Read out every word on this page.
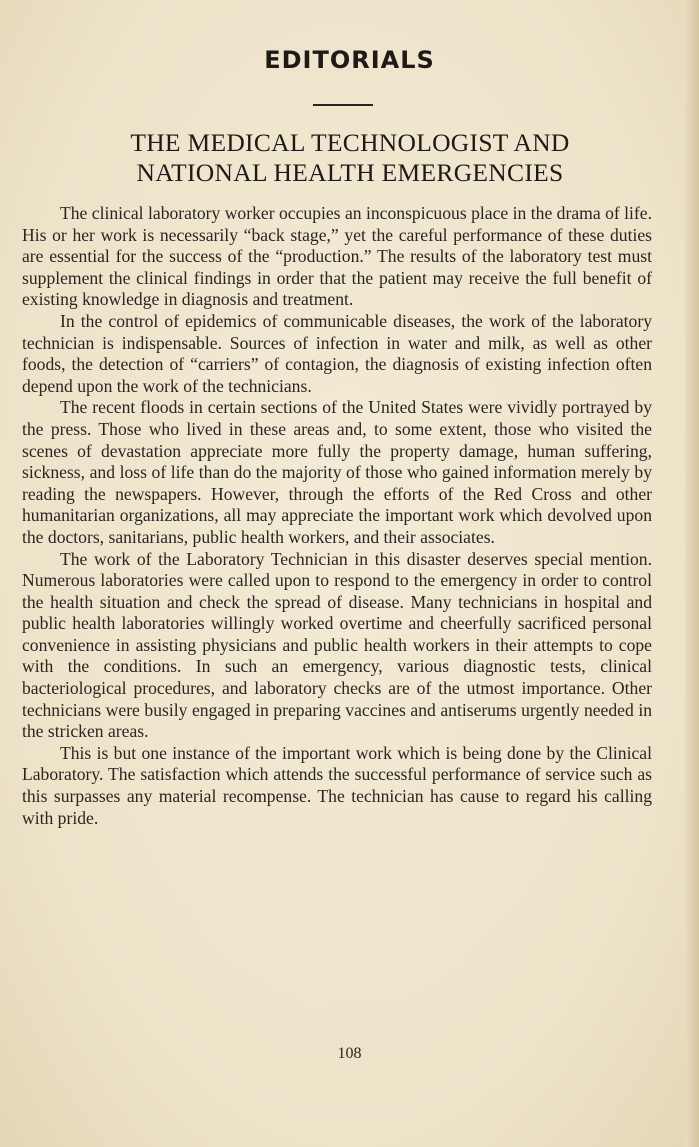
EDITORIALS
THE MEDICAL TECHNOLOGIST AND
NATIONAL HEALTH EMERGENCIES

The clinical laboratory worker occupies an inconspicuous place in the drama of life. His or her work is necessarily “back stage,” yet the careful performance of these duties are essential for the success of the “production.” The results of the laboratory test must supplement the clinical findings in order that the patient may receive the full benefit of existing knowledge in diagnosis and treatment.

In the control of epidemics of communicable diseases, the work of the laboratory technician is indispensable. Sources of infection in water and milk, as well as other foods, the detection of “carriers” of contagion, the diagnosis of existing infection often depend upon the work of the technicians.

The recent floods in certain sections of the United States were vividly portrayed by the press. Those who lived in these areas and, to some extent, those who visited the scenes of devastation appreciate more fully the property damage, human suffering, sickness, and loss of life than do the majority of those who gained information merely by reading the newspapers. However, through the efforts of the Red Cross and other humanitarian organizations, all may appreciate the important work which devolved upon the doctors, sanitarians, public health workers, and their associates.

The work of the Laboratory Technician in this disaster deserves special mention. Numerous laboratories were called upon to respond to the emergency in order to control the health situation and check the spread of disease. Many technicians in hospital and public health laboratories willingly worked overtime and cheerfully sacrificed personal convenience in assisting physicians and public health workers in their attempts to cope with the conditions. In such an emergency, various diagnostic tests, clinical bacteriological procedures, and laboratory checks are of the utmost importance. Other technicians were busily engaged in preparing vaccines and antiserums urgently needed in the stricken areas.

This is but one instance of the important work which is being done by the Clinical Laboratory. The satisfaction which attends the successful performance of service such as this surpasses any material recompense. The technician has cause to regard his calling with pride.

108
